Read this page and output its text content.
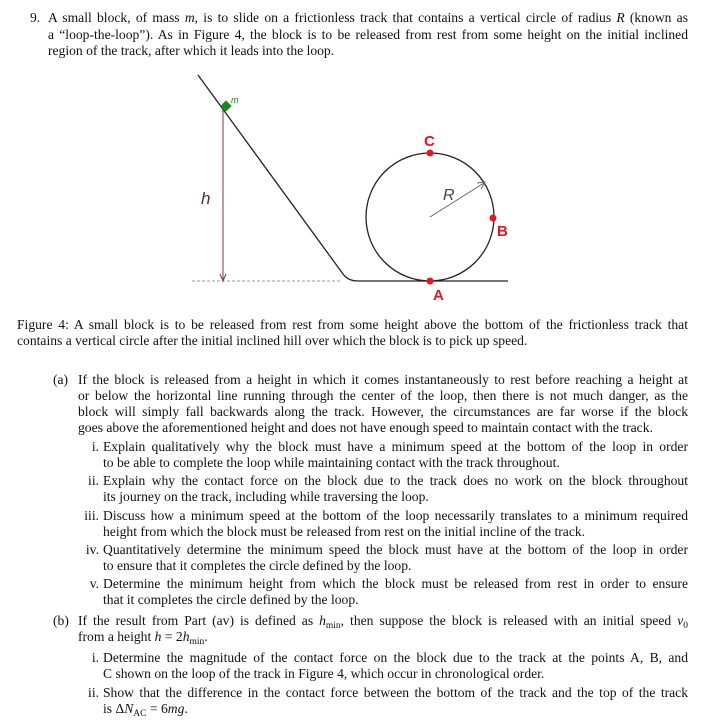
9. A small block, of mass m, is to slide on a frictionless track that contains a vertical circle of radius R (known as
a “loop-the-loop”). As in Figure 4, the block is to be released from rest from some height on the initial inclined
region of the track, after which it leads into the loop.
Figure 4: A small block is to be released from rest from some height above the bottom of the frictionless track that
contains a vertical circle after the initial inclined hill over which the block is to pick up speed.
(a) If the block is released from a height in which it comes instantaneously to rest before reaching a height at
or below the horizontal line running through the center of the loop, then there is not much danger, as the
block will simply fall backwards along the track. However, the circumstances are far worse if the block
goes above the aforementioned height and does not have enough speed to maintain contact with the track.
i. Explain qualitatively why the block must have a minimum speed at the bottom of the loop in order
to be able to complete the loop while maintaining contact with the track throughout.
ii. Explain why the contact force on the block due to the track does no work on the block throughout
its journey on the track, including while traversing the loop.
iii. Discuss how a minimum speed at the bottom of the loop necessarily translates to a minimum required
height from which the block must be released from rest on the initial incline of the track.
iv. Quantitatively determine the minimum speed the block must have at the bottom of the loop in order
to ensure that it completes the circle defined by the loop.
v. Determine the minimum height from which the block must be released from rest in order to ensure
that it completes the circle defined by the loop.
(b) If the result from Part (av) is defined as $h_{min}$, then suppose the block is released with an initial speed $v_0$
from a height $h = 2h_{min}$.
i. Determine the magnitude of the contact force on the block due to the track at the points A, B, and
C shown on the loop of the track in Figure 4, which occur in chronological order.
ii. Show that the difference in the contact force between the bottom of the track and the top of the track
is $\Delta N_{AC} = 6mg$.
m
h	R
A
B
C
